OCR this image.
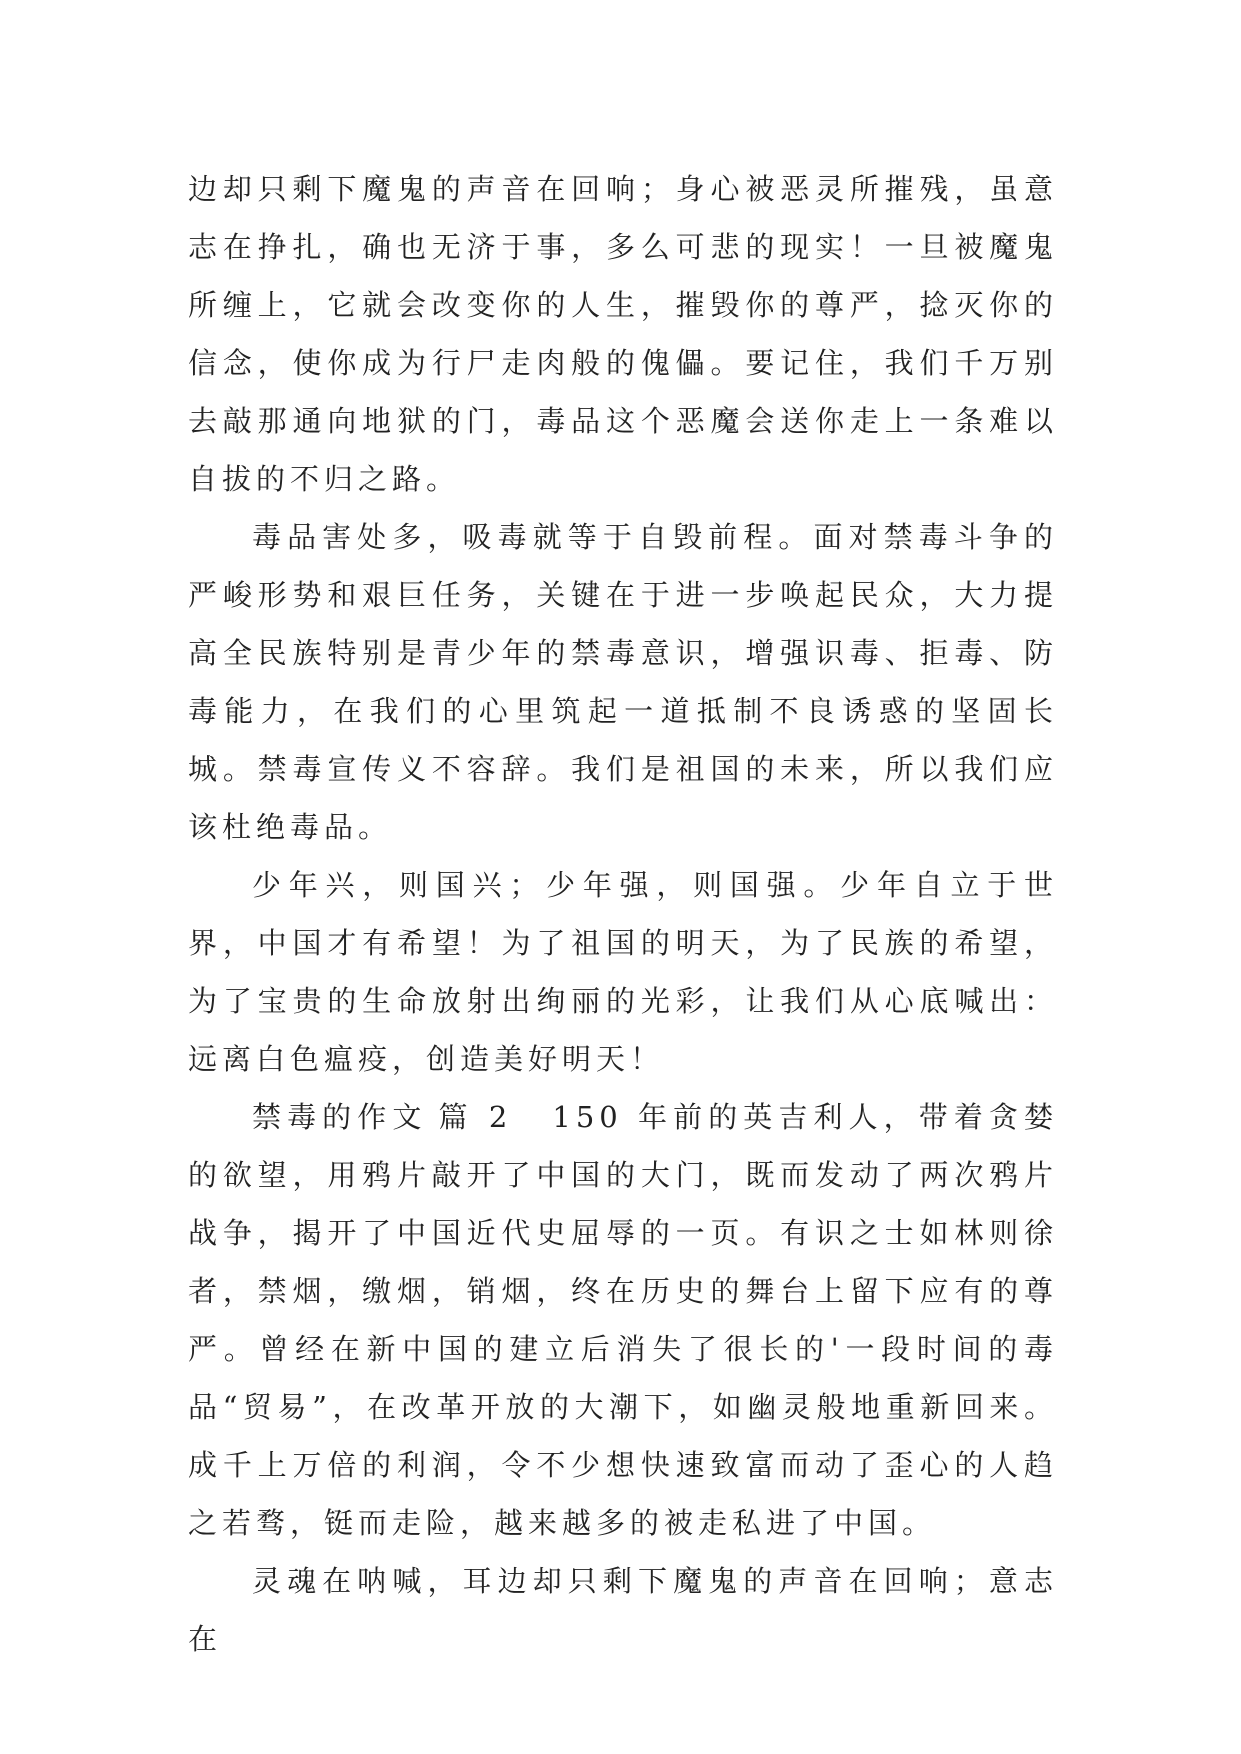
边却只剩下魔鬼的声音在回响；身心被恶灵所摧残，虽意志在挣扎，确也无济于事，多么可悲的现实！一旦被魔鬼所缠上，它就会改变你的人生，摧毁你的尊严，捻灭你的信念，使你成为行尸走肉般的傀儡。要记住，我们千万别去敲那通向地狱的门，毒品这个恶魔会送你走上一条难以自拔的不归之路。

毒品害处多，吸毒就等于自毁前程。面对禁毒斗争的严峻形势和艰巨任务，关键在于进一步唤起民众，大力提高全民族特别是青少年的禁毒意识，增强识毒、拒毒、防毒能力，在我们的心里筑起一道抵制不良诱惑的坚固长城。禁毒宣传义不容辞。我们是祖国的未来，所以我们应该杜绝毒品。

少年兴，则国兴；少年强，则国强。少年自立于世界，中国才有希望！为了祖国的明天，为了民族的希望，为了宝贵的生命放射出绚丽的光彩，让我们从心底喊出：远离白色瘟疫，创造美好明天！

禁毒的作文 篇 2 150 年前的英吉利人，带着贪婪的欲望，用鸦片敲开了中国的大门，既而发动了两次鸦片战争，揭开了中国近代史屈辱的一页。有识之士如林则徐者，禁烟，缴烟，销烟，终在历史的舞台上留下应有的尊严。曾经在新中国的建立后消失了很长的'一段时间的毒品“贸易”，在改革开放的大潮下，如幽灵般地重新回来。成千上万倍的利润，令不少想快速致富而动了歪心的人趋之若骛，铤而走险，越来越多的被走私进了中国。

灵魂在呐喊，耳边却只剩下魔鬼的声音在回响；意志在
